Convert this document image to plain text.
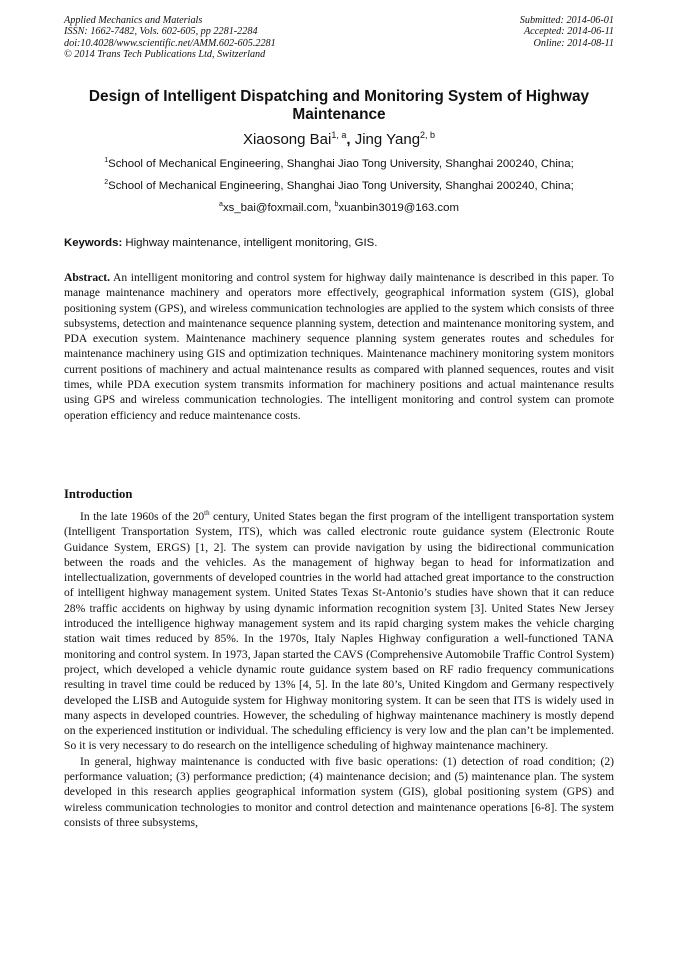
Applied Mechanics and Materials
ISSN: 1662-7482, Vols. 602-605, pp 2281-2284
doi:10.4028/www.scientific.net/AMM.602-605.2281
© 2014 Trans Tech Publications Ltd, Switzerland
Submitted: 2014-06-01
Accepted: 2014-06-11
Online: 2014-08-11
Design of Intelligent Dispatching and Monitoring System of Highway Maintenance
Xiaosong Bai$^{1, a}$, Jing Yang$^{2, b}$
$^1$School of Mechanical Engineering, Shanghai Jiao Tong University, Shanghai 200240, China;
$^2$School of Mechanical Engineering, Shanghai Jiao Tong University, Shanghai 200240, China;
$^a$xs_bai@foxmail.com, $^b$xuanbin3019@163.com
Keywords: Highway maintenance, intelligent monitoring, GIS.

Abstract. An intelligent monitoring and control system for highway daily maintenance is described in this paper. To manage maintenance machinery and operators more effectively, geographical information system (GIS), global positioning system (GPS), and wireless communication technologies are applied to the system which consists of three subsystems, detection and maintenance sequence planning system, detection and maintenance monitoring system, and PDA execution system. Maintenance machinery sequence planning system generates routes and schedules for maintenance machinery using GIS and optimization techniques. Maintenance machinery monitoring system monitors current positions of machinery and actual maintenance results as compared with planned sequences, routes and visit times, while PDA execution system transmits information for machinery positions and actual maintenance results using GPS and wireless communication technologies. The intelligent monitoring and control system can promote operation efficiency and reduce maintenance costs.

Introduction

In the late 1960s of the 20th century, United States began the first program of the intelligent transportation system (Intelligent Transportation System, ITS), which was called electronic route guidance system (Electronic Route Guidance System, ERGS) [1, 2]. The system can provide navigation by using the bidirectional communication between the roads and the vehicles. As the management of highway began to head for informatization and intellectualization, governments of developed countries in the world had attached great importance to the construction of intelligent highway management system. United States Texas St-Antonio’s studies have shown that it can reduce 28% traffic accidents on highway by using dynamic information recognition system [3]. United States New Jersey introduced the intelligence highway management system and its rapid charging system makes the vehicle charging station wait times reduced by 85%. In the 1970s, Italy Naples Highway configuration a well-functioned TANA monitoring and control system. In 1973, Japan started the CAVS (Comprehensive Automobile Traffic Control System) project, which developed a vehicle dynamic route guidance system based on RF radio frequency communications resulting in travel time could be reduced by 13% [4, 5]. In the late 80’s, United Kingdom and Germany respectively developed the LISB and Autoguide system for Highway monitoring system. It can be seen that ITS is widely used in many aspects in developed countries. However, the scheduling of highway maintenance machinery is mostly depend on the experienced institution or individual. The scheduling efficiency is very low and the plan can’t be implemented. So it is very necessary to do research on the intelligence scheduling of highway maintenance machinery.

In general, highway maintenance is conducted with five basic operations: (1) detection of road condition; (2) performance valuation; (3) performance prediction; (4) maintenance decision; and (5) maintenance plan. The system developed in this research applies geographical information system (GIS), global positioning system (GPS) and wireless communication technologies to monitor and control detection and maintenance operations [6-8]. The system consists of three subsystems,
